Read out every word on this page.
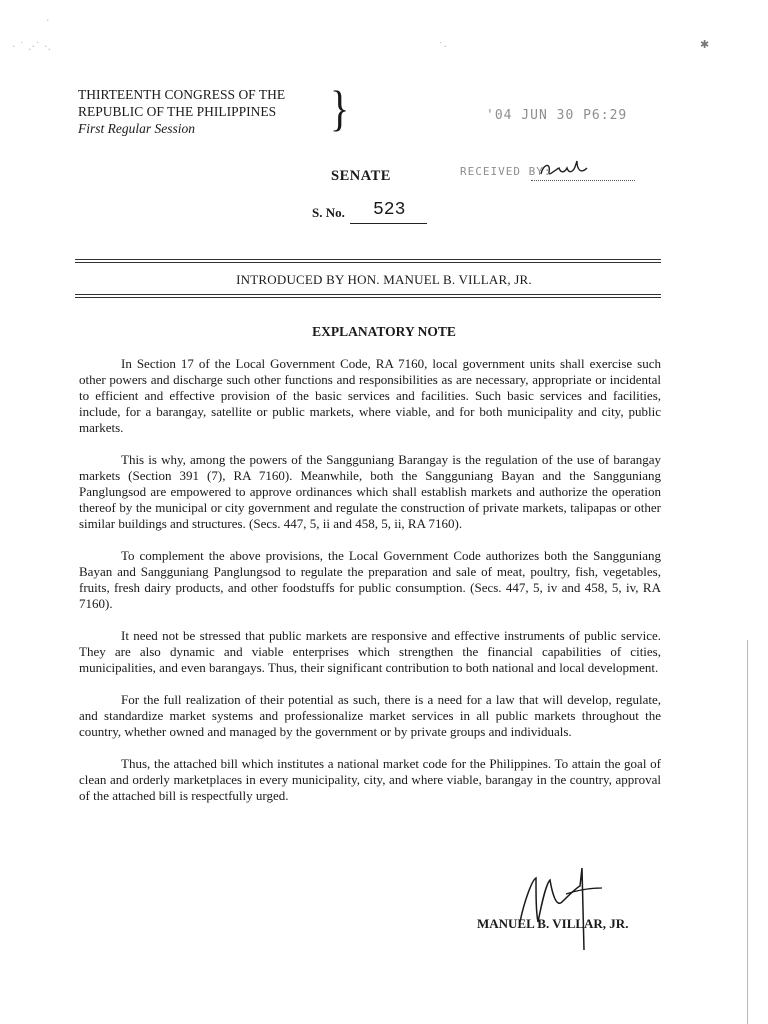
· ˙ .·˙ ·.
·
˙·	✱
THIRTEENTH CONGRESS OF THE
REPUBLIC OF THE PHILIPPINES
First Regular Session	}	'04 JUN 30 P6:29
RECEIVED BY:
SENATE
S. No. 523
INTRODUCED BY HON. MANUEL B. VILLAR, JR.
EXPLANATORY NOTE

In Section 17 of the Local Government Code, RA 7160, local government units shall exercise such other powers and discharge such other functions and responsibilities as are necessary, appropriate or incidental to efficient and effective provision of the basic services and facilities. Such basic services and facilities, include, for a barangay, satellite or public markets, where viable, and for both municipality and city, public markets.

This is why, among the powers of the Sangguniang Barangay is the regulation of the use of barangay markets (Section 391 (7), RA 7160). Meanwhile, both the Sangguniang Bayan and the Sangguniang Panglungsod are empowered to approve ordinances which shall establish markets and authorize the operation thereof by the municipal or city government and regulate the construction of private markets, talipapas or other similar buildings and structures. (Secs. 447, 5, ii and 458, 5, ii, RA 7160).

To complement the above provisions, the Local Government Code authorizes both the Sangguniang Bayan and Sangguniang Panglungsod to regulate the preparation and sale of meat, poultry, fish, vegetables, fruits, fresh dairy products, and other foodstuffs for public consumption. (Secs. 447, 5, iv and 458, 5, iv, RA 7160).

It need not be stressed that public markets are responsive and effective instruments of public service. They are also dynamic and viable enterprises which strengthen the financial capabilities of cities, municipalities, and even barangays. Thus, their significant contribution to both national and local development.

For the full realization of their potential as such, there is a need for a law that will develop, regulate, and standardize market systems and professionalize market services in all public markets throughout the country, whether owned and managed by the government or by private groups and individuals.

Thus, the attached bill which institutes a national market code for the Philippines. To attain the goal of clean and orderly marketplaces in every municipality, city, and where viable, barangay in the country, approval of the attached bill is respectfully urged.

MANUEL B. VILLAR, JR.
